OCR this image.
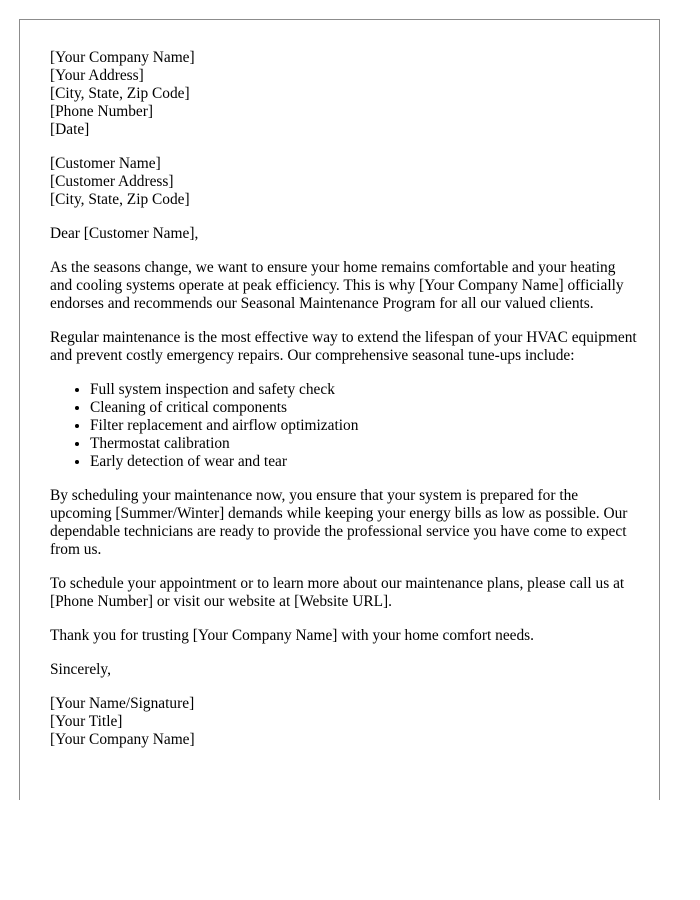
[Your Company Name]
[Your Address]
[City, State, Zip Code]
[Phone Number]
[Date]
[Customer Name]
[Customer Address]
[City, State, Zip Code]

Dear [Customer Name],

As the seasons change, we want to ensure your home remains comfortable and your heating and cooling systems operate at peak efficiency. This is why [Your Company Name] officially endorses and recommends our Seasonal Maintenance Program for all our valued clients.

Regular maintenance is the most effective way to extend the lifespan of your HVAC equipment and prevent costly emergency repairs. Our comprehensive seasonal tune-ups include:

• Full system inspection and safety check
• Cleaning of critical components
• Filter replacement and airflow optimization
• Thermostat calibration
• Early detection of wear and tear

By scheduling your maintenance now, you ensure that your system is prepared for the upcoming [Summer/Winter] demands while keeping your energy bills as low as possible. Our dependable technicians are ready to provide the professional service you have come to expect from us.

To schedule your appointment or to learn more about our maintenance plans, please call us at [Phone Number] or visit our website at [Website URL].

Thank you for trusting [Your Company Name] with your home comfort needs.

Sincerely,

[Your Name/Signature]
[Your Title]
[Your Company Name]
